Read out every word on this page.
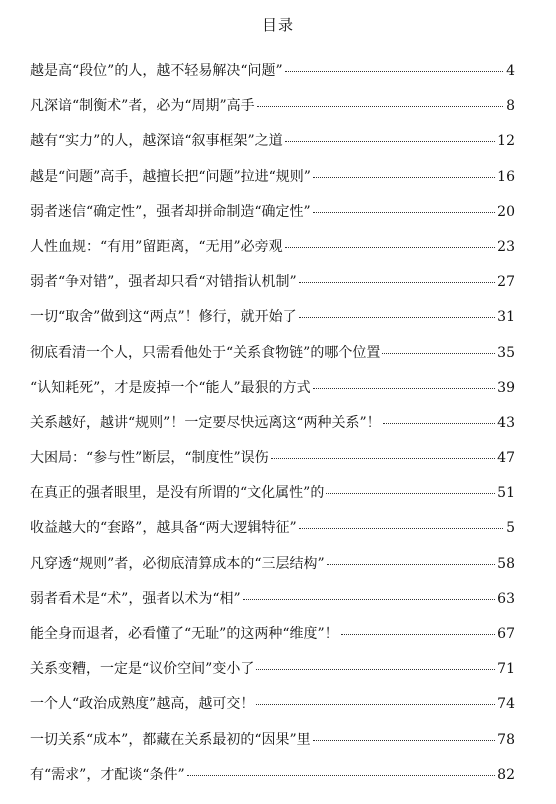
目录
越是高“段位”的人，越不轻易解决“问题”	4
凡深谙“制衡术”者，必为“周期”高手	8
越有“实力”的人，越深谙“叙事框架”之道	12
越是“问题”高手，越擅长把“问题”拉进“规则”	16
弱者迷信“确定性”，强者却拼命制造“确定性”	20
人性血规：“有用”留距离，“无用”必旁观	23
弱者“争对错”，强者却只看“对错指认机制”	27
一切“取舍”做到这“两点”！修行，就开始了	31
彻底看清一个人，只需看他处于“关系食物链”的哪个位置	35
“认知耗死”，才是废掉一个“能人”最狠的方式	39
关系越好，越讲“规则”！一定要尽快远离这“两种关系”！	43
大困局：“参与性”断层，“制度性”误伤	47
在真正的强者眼里，是没有所谓的“文化属性”的	51
收益越大的“套路”，越具备“两大逻辑特征”	5
凡穿透“规则”者，必彻底清算成本的“三层结构”	58
弱者看术是“术”，强者以术为“相”	63
能全身而退者，必看懂了“无耻”的这两种“维度”！	67
关系变糟，一定是“议价空间”变小了	71
一个人“政治成熟度”越高，越可交！	74
一切关系“成本”，都藏在关系最初的“因果”里	78
有“需求”，才配谈“条件”	82
